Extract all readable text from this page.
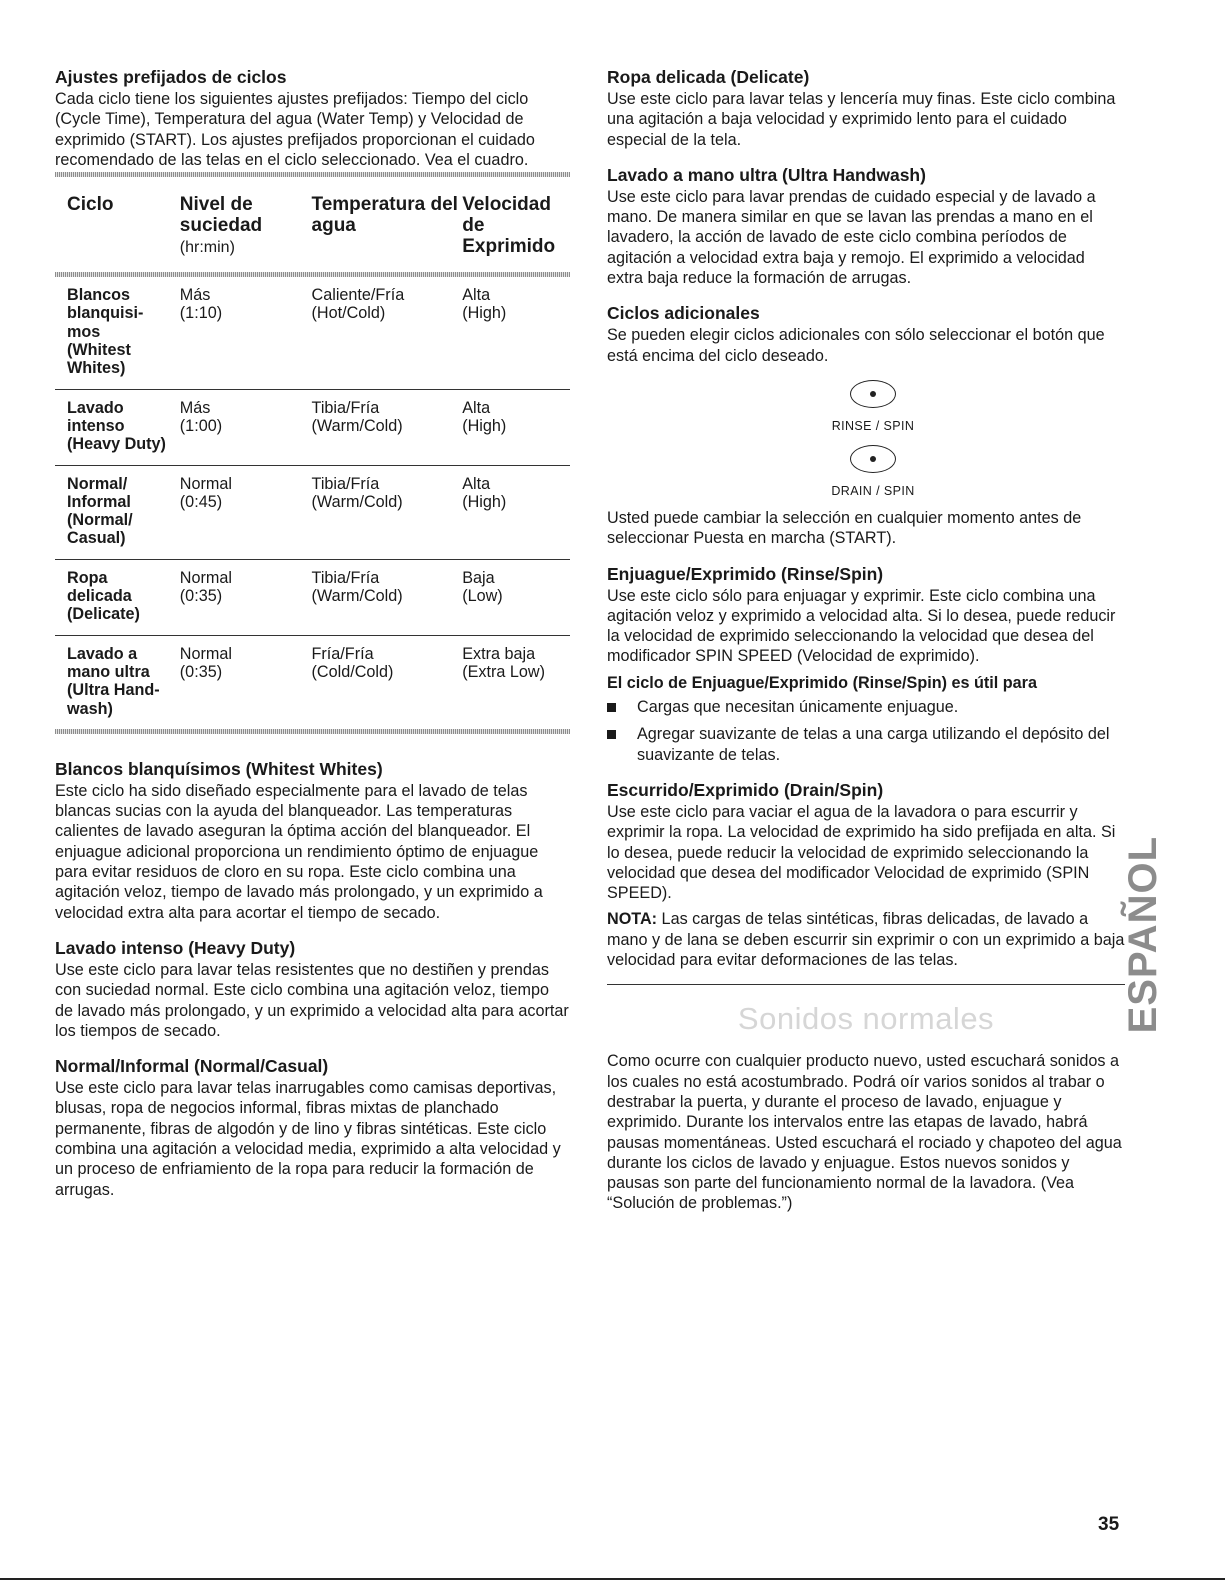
Ajustes prefijados de ciclos

Cada ciclo tiene los siguientes ajustes prefijados: Tiempo del ciclo (Cycle Time), Temperatura del agua (Water Temp) y Velocidad de exprimido (START). Los ajustes prefijados proporcionan el cuidado recomendado de las telas en el ciclo seleccionado. Vea el cuadro.

Ciclo	Nivel de suciedad
(hr:min)
Temperatura del agua
Velocidad de Exprimido
Blancos blanquisi- mos (Whitest Whites)
Más
(1:10)
Caliente/Fría
(Hot/Cold)
Alta
(High)
Lavado intenso (Heavy Duty)
Más
(1:00)
Tibia/Fría
(Warm/Cold)
Alta
(High)
Normal/ Informal (Normal/ Casual)
Normal
(0:45)
Tibia/Fría
(Warm/Cold)
Alta
(High)
Ropa delicada (Delicate)
Normal
(0:35)
Tibia/Fría
(Warm/Cold)
Baja
(Low)
Lavado a mano ultra (Ultra Hand- wash)
Normal
(0:35)
Fría/Fría
(Cold/Cold)
Extra baja
(Extra Low)
Blancos blanquísimos (Whitest Whites)

Este ciclo ha sido diseñado especialmente para el lavado de telas blancas sucias con la ayuda del blanqueador. Las temperaturas calientes de lavado aseguran la óptima acción del blanqueador. El enjuague adicional proporciona un rendimiento óptimo de enjuague para evitar residuos de cloro en su ropa. Este ciclo combina una agitación veloz, tiempo de lavado más prolongado, y un exprimido a velocidad extra alta para acortar el tiempo de secado.

Lavado intenso (Heavy Duty)

Use este ciclo para lavar telas resistentes que no destiñen y prendas con suciedad normal. Este ciclo combina una agitación veloz, tiempo de lavado más prolongado, y un exprimido a velocidad alta para acortar los tiempos de secado.

Normal/Informal (Normal/Casual)

Use este ciclo para lavar telas inarrugables como camisas deportivas, blusas, ropa de negocios informal, fibras mixtas de planchado permanente, fibras de algodón y de lino y fibras sintéticas. Este ciclo combina una agitación a velocidad media, exprimido a alta velocidad y un proceso de enfriamiento de la ropa para reducir la formación de arrugas.

Ropa delicada (Delicate)

Use este ciclo para lavar telas y lencería muy finas. Este ciclo combina una agitación a baja velocidad y exprimido lento para el cuidado especial de la tela.

Lavado a mano ultra (Ultra Handwash)

Use este ciclo para lavar prendas de cuidado especial y de lavado a mano. De manera similar en que se lavan las prendas a mano en el lavadero, la acción de lavado de este ciclo combina períodos de agitación a velocidad extra baja y remojo. El exprimido a velocidad extra baja reduce la formación de arrugas.

Ciclos adicionales

Se pueden elegir ciclos adicionales con sólo seleccionar el botón que está encima del ciclo deseado.

RINSE / SPIN
DRAIN / SPIN

Usted puede cambiar la selección en cualquier momento antes de seleccionar Puesta en marcha (START).

Enjuague/Exprimido (Rinse/Spin)

Use este ciclo sólo para enjuagar y exprimir. Este ciclo combina una agitación veloz y exprimido a velocidad alta. Si lo desea, puede reducir la velocidad de exprimido seleccionando la velocidad que desea del modificador SPIN SPEED (Velocidad de exprimido).

El ciclo de Enjuague/Exprimido (Rinse/Spin) es útil para

Cargas que necesitan únicamente enjuague.
Agregar suavizante de telas a una carga utilizando el depósito del suavizante de telas.
Escurrido/Exprimido (Drain/Spin)

Use este ciclo para vaciar el agua de la lavadora o para escurrir y exprimir la ropa. La velocidad de exprimido ha sido prefijada en alta. Si lo desea, puede reducir la velocidad de exprimido seleccionando la velocidad que desea del modificador Velocidad de exprimido (SPIN SPEED).

NOTA: Las cargas de telas sintéticas, fibras delicadas, de lavado a mano y de lana se deben escurrir sin exprimir o con un exprimido a baja velocidad para evitar deformaciones de las telas.

Sonidos normales

Como ocurre con cualquier producto nuevo, usted escuchará sonidos a los cuales no está acostumbrado. Podrá oír varios sonidos al trabar o destrabar la puerta, y durante el proceso de lavado, enjuague y exprimido. Durante los intervalos entre las etapas de lavado, habrá pausas momentáneas. Usted escuchará el rociado y chapoteo del agua durante los ciclos de lavado y enjuague. Estos nuevos sonidos y pausas son parte del funcionamiento normal de la lavadora. (Vea “Solución de problemas.”)

ESPAÑOL
35
